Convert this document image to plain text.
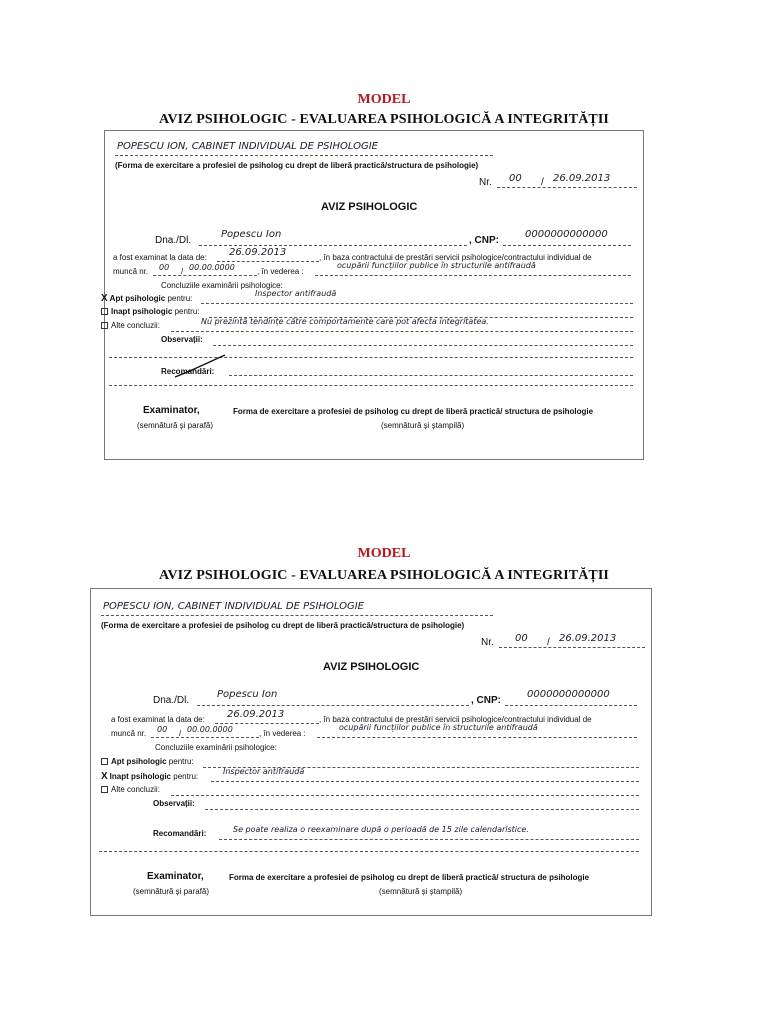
MODEL
AVIZ PSIHOLOGIC - EVALUAREA PSIHOLOGICĂ A INTEGRITĂȚII
POPESCU ION, CABINET INDIVIDUAL DE PSIHOLOGIE
(Forma de exercitare a profesiei de psiholog cu drept de liberă practică/structura de psihologie)
Nr. 00 / 26.09.2013
AVIZ PSIHOLOGIC
Dna./Dl.
Popescu Ion
, CNP:
0000000000000
a fost examinat la data de: 26.09.2013	, în baza contractului de prestări servicii psihologice/contractului individual de
muncă nr. 00 / 00.00.0000	, în vederea :
ocupării funcțiilor publice în structurile antifraudă
Concluziile examinării psihologice:
X Apt psihologic pentru:
Inspector antifraudă
Inapt psihologic pentru:
Alte concluzii:	Nu prezintă tendințe către comportamente care pot afecta integritatea.
Observații:
Recomandări:
Examinator,
(semnătură și parafă)
Forma de exercitare a profesiei de psiholog cu drept de liberă practică/ structura de psihologie
(semnătură și ștampilă)
MODEL
AVIZ PSIHOLOGIC - EVALUAREA PSIHOLOGICĂ A INTEGRITĂȚII
POPESCU ION, CABINET INDIVIDUAL DE PSIHOLOGIE
(Forma de exercitare a profesiei de psiholog cu drept de liberă practică/structura de psihologie)
Nr. 00 / 26.09.2013
AVIZ PSIHOLOGIC
Dna./Dl.
Popescu Ion
, CNP:
0000000000000
a fost examinat la data de: 26.09.2013	, în baza contractului de prestări servicii psihologice/contractului individual de
muncă nr. 00 / 00.00.0000	, în vederea :
ocupării funcțiilor publice în structurile antifraudă
Concluziile examinării psihologice:
Apt psihologic pentru:
X Inapt psihologic pentru:
Inspector antifraudă
Alte concluzii:
Observații:
Recomandări:	Se poate realiza o reexaminare după o perioadă de 15 zile calendaristice.
Examinator,
(semnătură și parafă)
Forma de exercitare a profesiei de psiholog cu drept de liberă practică/ structura de psihologie
(semnătură și ștampilă)
